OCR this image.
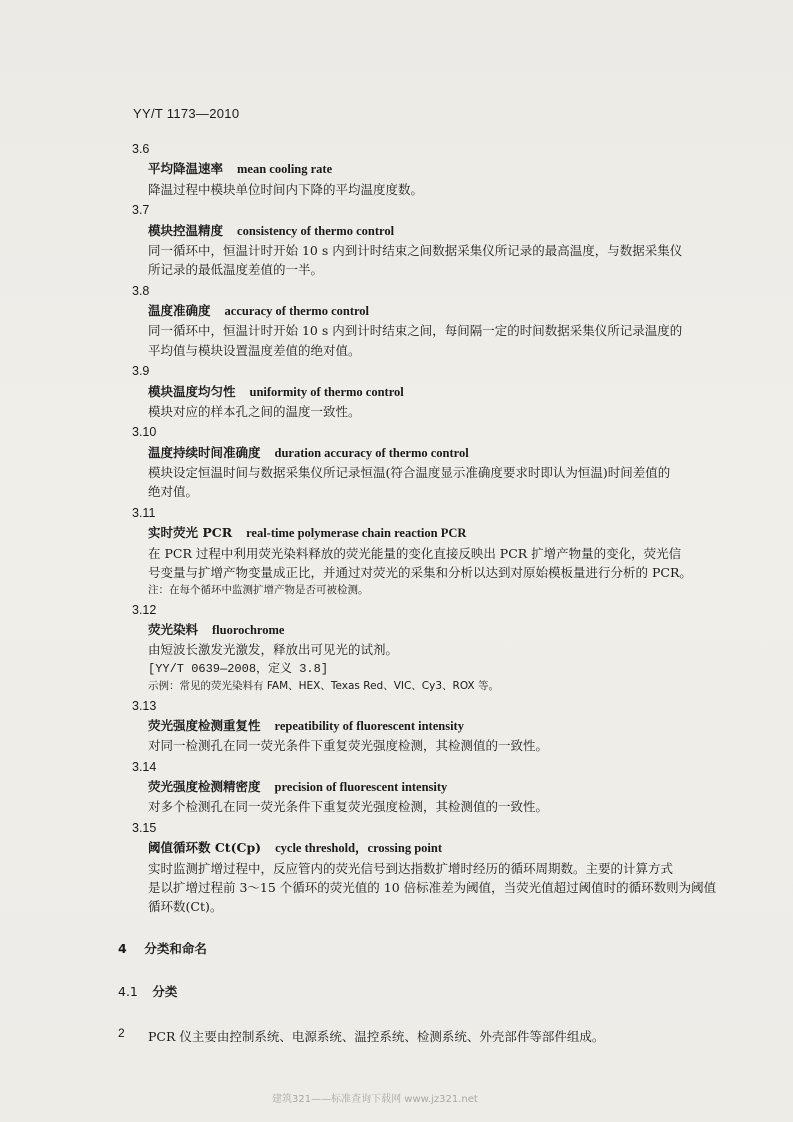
YY/T 1173—2010
3.6
平均降温速率 mean cooling rate
降温过程中模块单位时间内下降的平均温度度数。
3.7
模块控温精度 consistency of thermo control
同一循环中，恒温计时开始 10 s 内到计时结束之间数据采集仪所记录的最高温度，与数据采集仪
所记录的最低温度差值的一半。
3.8
温度准确度 accuracy of thermo control
同一循环中，恒温计时开始 10 s 内到计时结束之间，每间隔一定的时间数据采集仪所记录温度的
平均值与模块设置温度差值的绝对值。
3.9
模块温度均匀性 uniformity of thermo control
模块对应的样本孔之间的温度一致性。
3.10
温度持续时间准确度 duration accuracy of thermo control
模块设定恒温时间与数据采集仪所记录恒温(符合温度显示准确度要求时即认为恒温)时间差值的
绝对值。
3.11
实时荧光 PCR real-time polymerase chain reaction PCR
在 PCR 过程中利用荧光染料释放的荧光能量的变化直接反映出 PCR 扩增产物量的变化，荧光信
号变量与扩增产物变量成正比，并通过对荧光的采集和分析以达到对原始模板量进行分析的 PCR。
注：在每个循环中监测扩增产物是否可被检测。
3.12
荧光染料 fluorochrome
由短波长激发光激发，释放出可见光的试剂。
[YY/T 0639—2008，定义 3.8]
示例：常见的荧光染料有 FAM、HEX、Texas Red、VIC、Cy3、ROX 等。
3.13
荧光强度检测重复性 repeatibility of fluorescent intensity
对同一检测孔在同一荧光条件下重复荧光强度检测，其检测值的一致性。
3.14
荧光强度检测精密度 precision of fluorescent intensity
对多个检测孔在同一荧光条件下重复荧光强度检测，其检测值的一致性。
3.15
阈值循环数 Ct(Cp) cycle threshold，crossing point
实时监测扩增过程中，反应管内的荧光信号到达指数扩增时经历的循环周期数。主要的计算方式
是以扩增过程前 3～15 个循环的荧光值的 10 倍标准差为阈值，当荧光值超过阈值时的循环数则为阈值
循环数(Ct)。
4 分类和命名
4.1 分类
PCR 仪主要由控制系统、电源系统、温控系统、检测系统、外壳部件等部件组成。
2
建筑321——标准查询下载网 www.jz321.net
